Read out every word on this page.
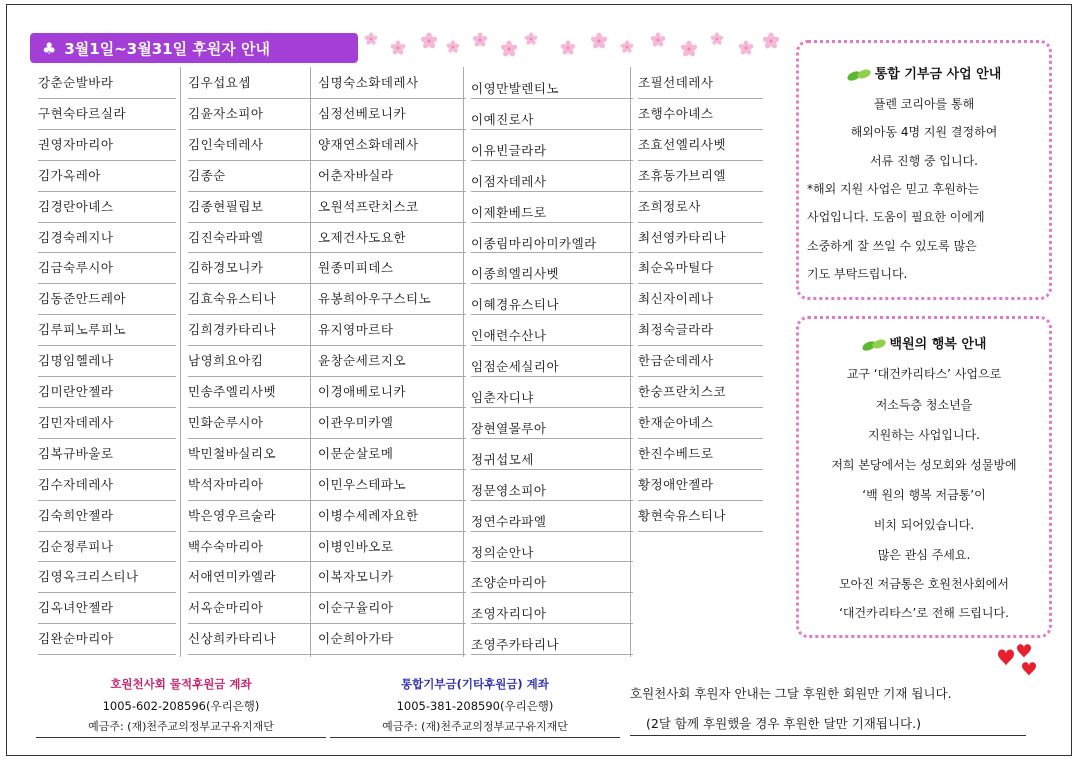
♣ 3월1일~3월31일 후원자 안내
강춘순발바라
구현숙타르실라
권영자마리아
김가옥레아
김경란아녜스
김경숙레지나
김금숙루시아
김동준안드레아
김루피노루피노
김명임헬레나
김미란안젤라
김민자데레사
김복규바울로
김수자데레사
김숙희안젤라
김순정루피나
김영옥크리스티나
김옥녀안젤라
김완순마리아
김우섭요셉
김윤자소피아
김인숙데레사
김종순
김종현필립보
김진숙라파엘
김하경모니카
김효숙유스티나
김희경카타리나
남영희요아킴
민송주엘리사벳
민화순루시아
박민철바실리오
박석자마리아
박은영우르술라
백수숙마리아
서애연미카엘라
서옥순마리아
신상희카타리나
심명숙소화데레사
심정선베로니카
양재연소화데레사
어춘자바실라
오원석프란치스코
오제건사도요한
원종미피데스
유봉희아우구스티노
유지영마르타
윤창순세르지오
이경애베로니카
이관우미카엘
이문순살로메
이민우스테파노
이병수세례자요한
이병인바오로
이복자모니카
이순구율리아
이순희아가타
이영만발렌티노
이예진로사
이유빈글라라
이점자데레사
이제환베드로
이종림마리아미카엘라
이종희엘리사벳
이혜경유스티나
인애련수산나
임점순세실리아
임춘자디냐
장현열몰루아
정귀섭모세
정문영소피아
정연수라파엘
정의순안나
조양순마리아
조영자리디아
조영주카타리나
조필선데레사
조행수아녜스
조효선엘리사벳
조휴동가브리엘
조희정로사
최선영카타리나
최순옥마틸다
최신자이레나
최정숙글라라
한금순데레사
한숭프란치스코
한재순아녜스
한진수베드로
황정애안젤라
황현숙유스티나
통합 기부금 사업 안내
플렌 코리아를 통해
해외아동 4명 지원 결정하여
서류 진행 중 입니다.
*해외 지원 사업은 믿고 후원하는
사업입니다. 도움이 필요한 이에게
소중하게 잘 쓰일 수 있도록 많은
기도 부탁드립니다.
백원의 행복 안내
교구 ‘대건카리타스’ 사업으로
저소득층 청소년을
지원하는 사업입니다.
저희 본당에서는 성모회와 성물방에
‘백 원의 행복 저금통’이
비치 되어있습니다.
많은 관심 주세요.
모아진 저금통은 호원천사회에서
‘대건카리타스’로 전해 드립니다.
호원천사회 물적후원금 계좌
1005-602-208596(우리은행)
예금주: (재)천주교의정부교구유지재단
통합기부금(기타후원금) 계좌
1005-381-208590(우리은행)
예금주: (재)천주교의정부교구유지재단
호원천사회 후원자 안내는 그달 후원한 회원만 기재 됩니다.
(2달 함께 후원했을 경우 후원한 달만 기재됩니다.)
